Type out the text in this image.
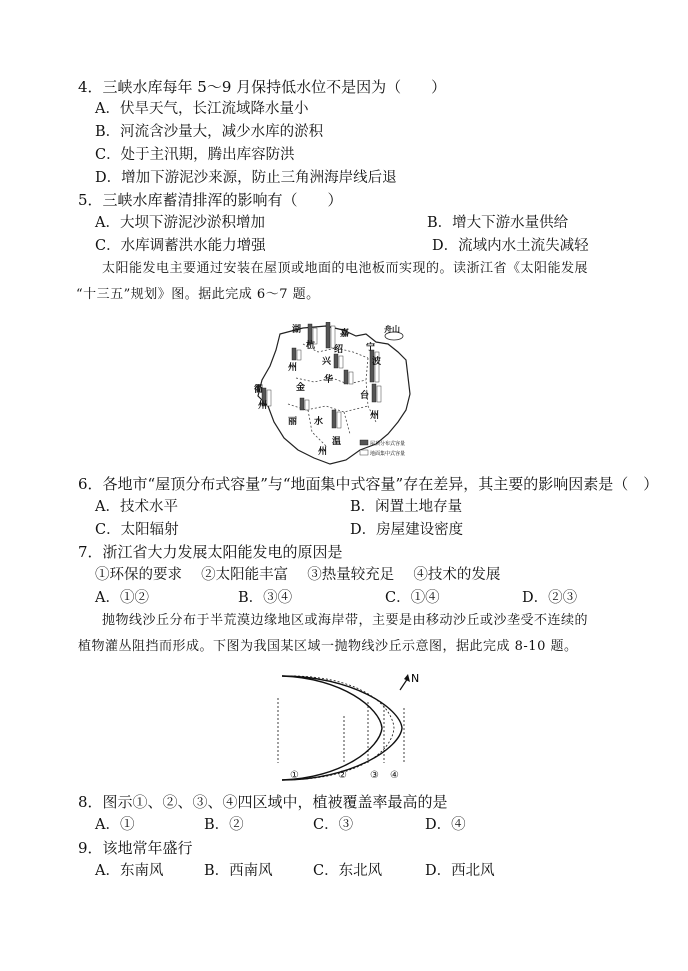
4．三峡水库每年 5～9 月保持低水位不是因为（　　）
A．伏旱天气，长江流域降水量小
B．河流含沙量大，减少水库的淤积
C．处于主汛期，腾出库容防洪
D．增加下游泥沙来源，防止三角洲海岸线后退
5．三峡水库蓄清排浑的影响有（　　）
A．大坝下游泥沙淤积增加	B．增大下游水量供给
C．水库调蓄洪水能力增强	D．流域内水土流失减轻
太阳能发电主要通过安装在屋顶或地面的电池板而实现的。读浙江省《太阳能发展
“十三五”规划》图。据此完成 6～7 题。
湖	嘉
杭
舟山
绍	宁
兴	波
州
金
华
衢
台
州
丽 水
温
州
州
屋顶分布式容量
地面集中式容量
6．各地市“屋顶分布式容量”与“地面集中式容量”存在差异，其主要的影响因素是（　）
A．技术水平	B．闲置土地存量
C．太阳辐射	D．房屋建设密度
7．浙江省大力发展太阳能发电的原因是
①环保的要求　 ②太阳能丰富　 ③热量较充足　 ④技术的发展
A．①②	B．③④	C．①④	D．②③
抛物线沙丘分布于半荒漠边缘地区或海岸带，主要是由移动沙丘或沙垄受不连续的
植物灌丛阻挡而形成。下图为我国某区域一抛物线沙丘示意图，据此完成 8-10 题。
N
①	② ③ ④
8．图示①、②、③、④四区域中，植被覆盖率最高的是
A．①	B．②	C．③	D．④
9．该地常年盛行
A．东南风	B．西南风	C．东北风	D．西北风
